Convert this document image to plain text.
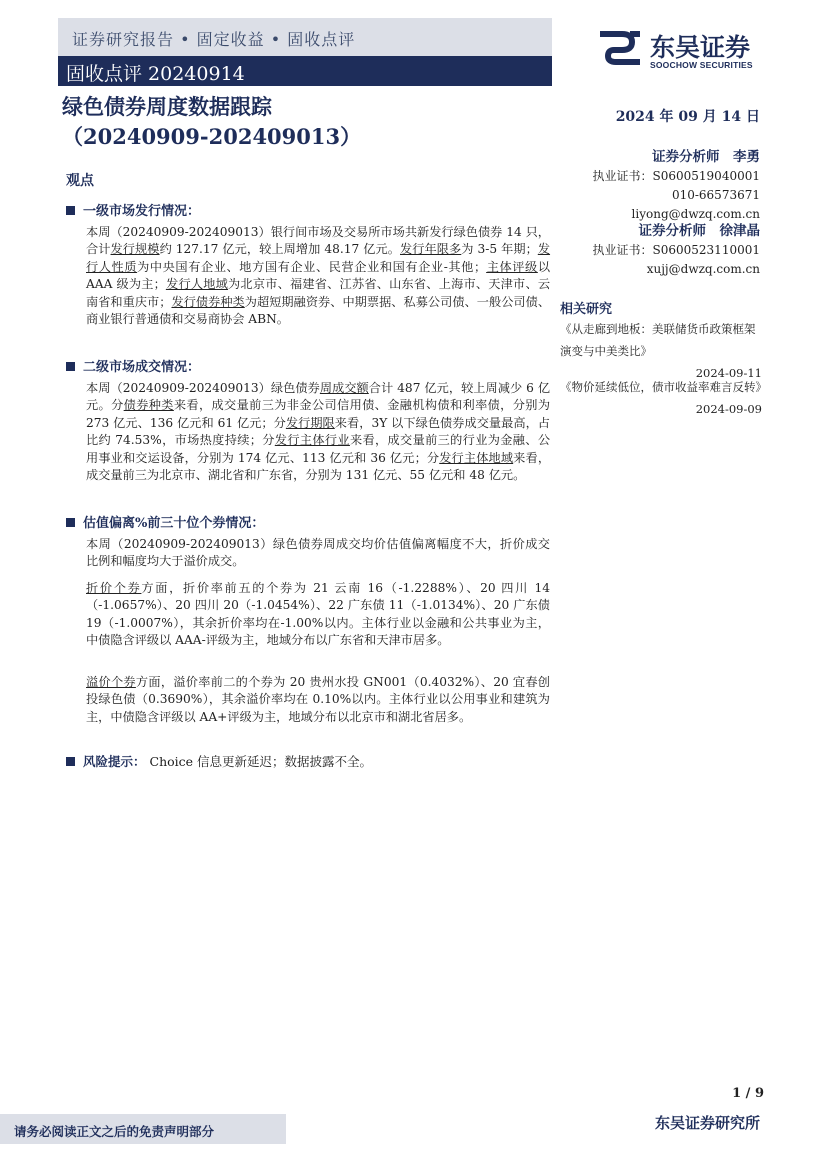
证券研究报告 • 固定收益 • 固收点评
固收点评 20240914
东吴证券
SOOCHOW SECURITIES
绿色债券周度数据跟踪
（20240909-202409013）
2024 年 09 月 14 日
观点
一级市场发行情况：
本周（20240909-202409013）银行间市场及交易所市场共新发行绿色债券 14 只，合计发行规模约 127.17 亿元，较上周增加 48.17 亿元。发行年限多为 3-5 年期；发行人性质为中央国有企业、地方国有企业、民营企业和国有企业-其他；主体评级以 AAA 级为主；发行人地域为北京市、福建省、江苏省、山东省、上海市、天津市、云南省和重庆市；发行债券种类为超短期融资券、中期票据、私募公司债、一般公司债、商业银行普通债和交易商协会 ABN。
二级市场成交情况：
本周（20240909-202409013）绿色债券周成交额合计 487 亿元，较上周减少 6 亿元。分债券种类来看，成交量前三为非金公司信用债、金融机构债和利率债，分别为 273 亿元、136 亿元和 61 亿元；分发行期限来看，3Y 以下绿色债券成交量最高，占比约 74.53%，市场热度持续；分发行主体行业来看，成交量前三的行业为金融、公用事业和交运设备，分别为 174 亿元、113 亿元和 36 亿元；分发行主体地域来看，成交量前三为北京市、湖北省和广东省，分别为 131 亿元、55 亿元和 48 亿元。
估值偏离%前三十位个券情况：
本周（20240909-202409013）绿色债券周成交均价估值偏离幅度不大，折价成交比例和幅度均大于溢价成交。
折价个券方面，折价率前五的个券为 21 云南 16（-1.2288%）、20 四川 14（-1.0657%）、20 四川 20（-1.0454%）、22 广东债 11（-1.0134%）、20 广东债 19（-1.0007%），其余折价率均在-1.00%以内。主体行业以金融和公共事业为主，中债隐含评级以 AAA-评级为主，地域分布以广东省和天津市居多。
溢价个券方面，溢价率前二的个券为 20 贵州水投 GN001（0.4032%）、20 宜春创投绿色债（0.3690%），其余溢价率均在 0.10%以内。主体行业以公用事业和建筑为主，中债隐含评级以 AA+评级为主，地域分布以北京市和湖北省居多。
风险提示： Choice 信息更新延迟；数据披露不全。
证券分析师　李勇
执业证书：S0600519040001
010-66573671
liyong@dwzq.com.cn
证券分析师　徐津晶
执业证书：S0600523110001
xujj@dwzq.com.cn
相关研究
《从走廊到地板：美联储货币政策框架演变与中美类比》
2024-09-11
《物价延续低位，债市收益率难言反转》
2024-09-09
1 / 9
请务必阅读正文之后的免责声明部分	东吴证券研究所
